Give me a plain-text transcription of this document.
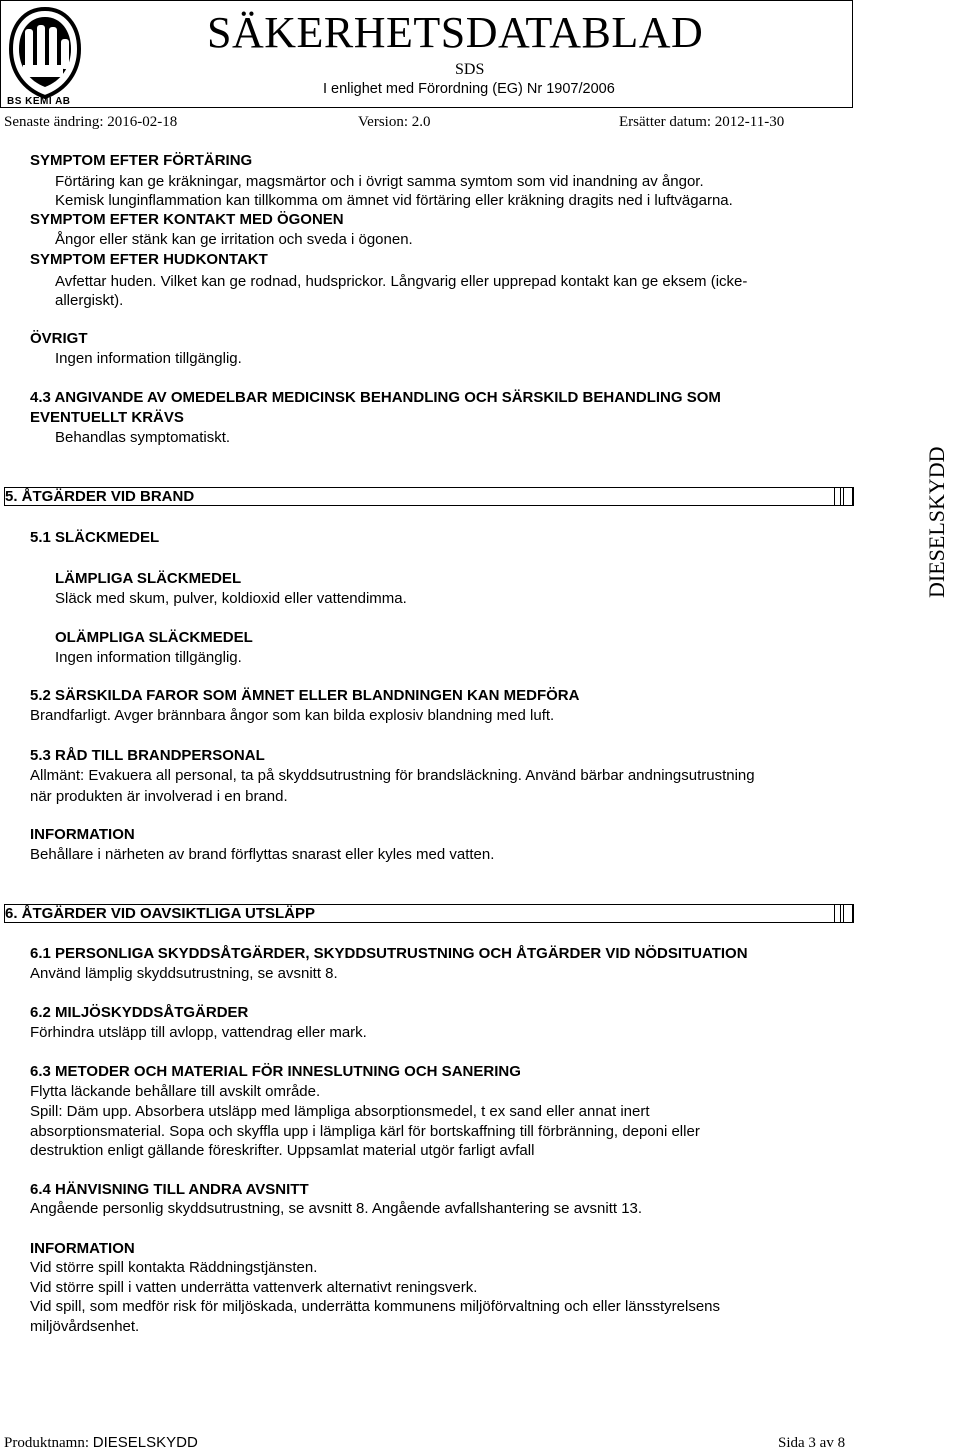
BS KEMI AB
SÄKERHETSDATABLAD
SDS
I enlighet med Förordning (EG) Nr 1907/2006
Senaste ändring: 2016-02-18	Version: 2.0	Ersätter datum: 2012-11-30
DIESELSKYDD
SYMPTOM EFTER FÖRTÄRING
Förtäring kan ge kräkningar, magsmärtor och i övrigt samma symtom som vid inandning av ångor.
Kemisk lunginflammation kan tillkomma om ämnet vid förtäring eller kräkning dragits ned i luftvägarna.
SYMPTOM EFTER KONTAKT MED ÖGONEN
Ångor eller stänk kan ge irritation och sveda i ögonen.
SYMPTOM EFTER HUDKONTAKT
Avfettar huden. Vilket kan ge rodnad, hudsprickor. Långvarig eller upprepad kontakt kan ge eksem (icke-
allergiskt).
ÖVRIGT
Ingen information tillgänglig.
4.3 ANGIVANDE AV OMEDELBAR MEDICINSK BEHANDLING OCH SÄRSKILD BEHANDLING SOM
EVENTUELLT KRÄVS
Behandlas symptomatiskt.
5. ÅTGÄRDER VID BRAND
5.1 SLÄCKMEDEL
LÄMPLIGA SLÄCKMEDEL
Släck med skum, pulver, koldioxid eller vattendimma.
OLÄMPLIGA SLÄCKMEDEL
Ingen information tillgänglig.
5.2 SÄRSKILDA FAROR SOM ÄMNET ELLER BLANDNINGEN KAN MEDFÖRA
Brandfarligt. Avger brännbara ångor som kan bilda explosiv blandning med luft.
5.3 RÅD TILL BRANDPERSONAL
Allmänt: Evakuera all personal, ta på skyddsutrustning för brandsläckning. Använd bärbar andningsutrustning
när produkten är involverad i en brand.
INFORMATION
Behållare i närheten av brand förflyttas snarast eller kyles med vatten.
6. ÅTGÄRDER VID OAVSIKTLIGA UTSLÄPP
6.1 PERSONLIGA SKYDDSÅTGÄRDER, SKYDDSUTRUSTNING OCH ÅTGÄRDER VID NÖDSITUATION
Använd lämplig skyddsutrustning, se avsnitt 8.
6.2 MILJÖSKYDDSÅTGÄRDER
Förhindra utsläpp till avlopp, vattendrag eller mark.
6.3 METODER OCH MATERIAL FÖR INNESLUTNING OCH SANERING
Flytta läckande behållare till avskilt område.
Spill: Däm upp. Absorbera utsläpp med lämpliga absorptionsmedel, t ex sand eller annat inert
absorptionsmaterial. Sopa och skyffla upp i lämpliga kärl för bortskaffning till förbränning, deponi eller
destruktion enligt gällande föreskrifter. Uppsamlat material utgör farligt avfall
6.4 HÄNVISNING TILL ANDRA AVSNITT
Angående personlig skyddsutrustning, se avsnitt 8. Angående avfallshantering se avsnitt 13.
INFORMATION
Vid större spill kontakta Räddningstjänsten.
Vid större spill i vatten underrätta vattenverk alternativt reningsverk.
Vid spill, som medför risk för miljöskada, underrätta kommunens miljöförvaltning och eller länsstyrelsens
miljövårdsenhet.
Produktnamn: DIESELSKYDD	Sida 3 av 8
